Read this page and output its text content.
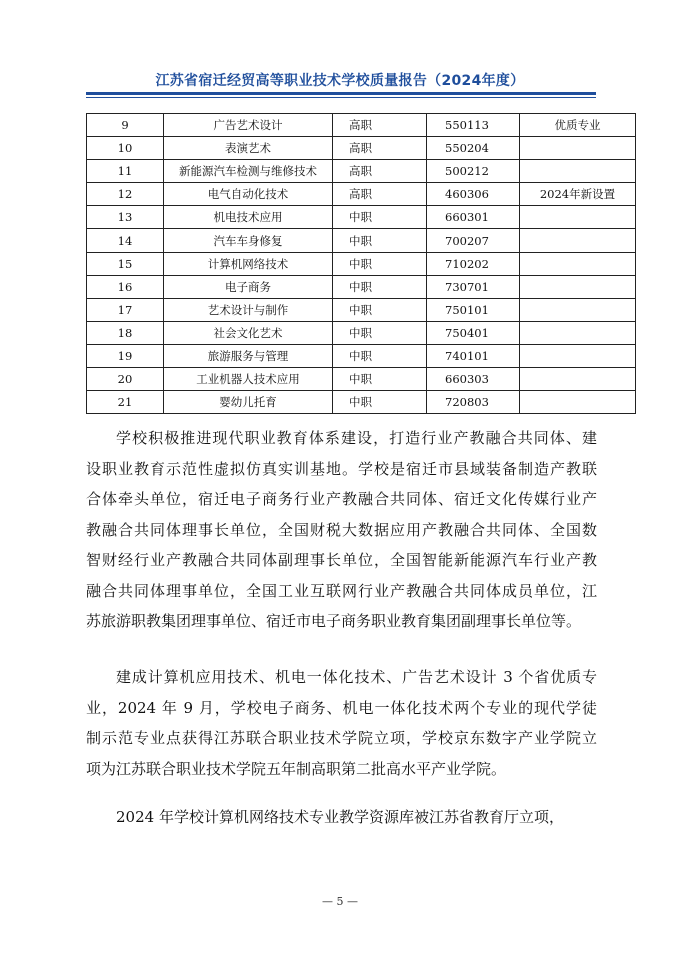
江苏省宿迁经贸高等职业技术学校质量报告（2024年度）
9	广告艺术设计	高职	550113	优质专业
10	表演艺术	高职	550204	
11	新能源汽车检测与维修技术	高职	500212	
12	电气自动化技术	高职	460306	2024年新设置
13	机电技术应用	中职	660301	
14	汽车车身修复	中职	700207	
15	计算机网络技术	中职	710202	
16	电子商务	中职	730701	
17	艺术设计与制作	中职	750101	
18	社会文化艺术	中职	750401	
19	旅游服务与管理	中职	740101	
20	工业机器人技术应用	中职	660303	
21	婴幼儿托育	中职	720803	
学校积极推进现代职业教育体系建设，打造行业产教融合共同体、建
设职业教育示范性虚拟仿真实训基地。学校是宿迁市县域装备制造产教联
合体牵头单位，宿迁电子商务行业产教融合共同体、宿迁文化传媒行业产
教融合共同体理事长单位，全国财税大数据应用产教融合共同体、全国数
智财经行业产教融合共同体副理事长单位，全国智能新能源汽车行业产教
融合共同体理事单位，全国工业互联网行业产教融合共同体成员单位，江
苏旅游职教集团理事单位、宿迁市电子商务职业教育集团副理事长单位等。
建成计算机应用技术、机电一体化技术、广告艺术设计 3 个省优质专
业，2024 年 9 月，学校电子商务、机电一体化技术两个专业的现代学徒
制示范专业点获得江苏联合职业技术学院立项，学校京东数字产业学院立
项为江苏联合职业技术学院五年制高职第二批高水平产业学院。
2024 年学校计算机网络技术专业教学资源库被江苏省教育厅立项，
— 5 —
